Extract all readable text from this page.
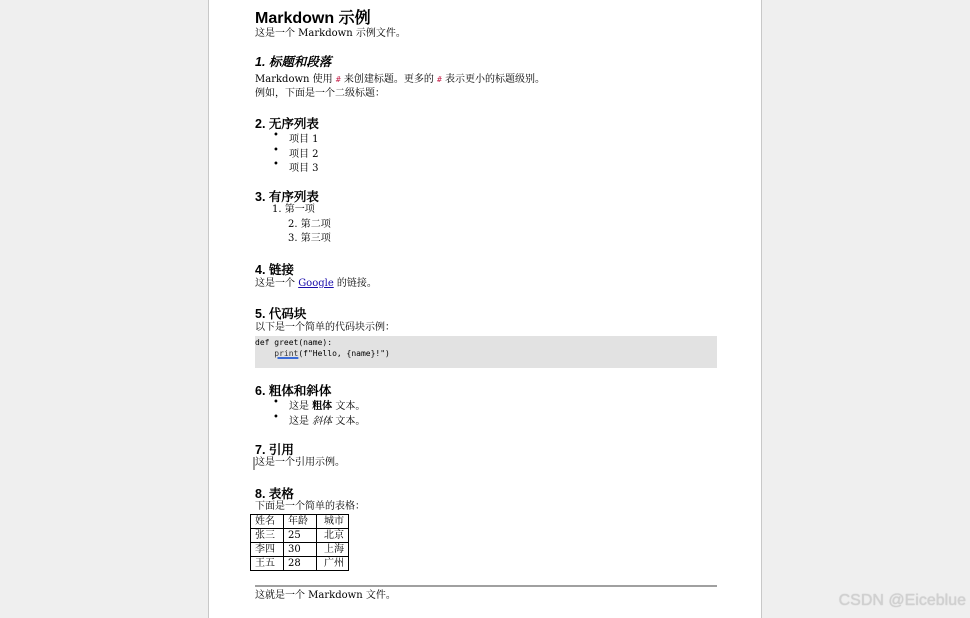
Markdown 示例
这是一个 Markdown 示例文件。
1. 标题和段落
Markdown 使用 # 来创建标题。更多的 # 表示更小的标题级别。
例如，下面是一个二级标题：
2. 无序列表
• 项目 1
• 项目 2
• 项目 3
3. 有序列表
1. 第一项
2. 第二项
3. 第三项
4. 链接
这是一个 Google 的链接。
5. 代码块
以下是一个简单的代码块示例：
def greet(name):
print(f"Hello, {name}!")
6. 粗体和斜体
• 这是 粗体 文本。
• 这是 斜体 文本。
7. 引用
这是一个引用示例。
8. 表格
下面是一个简单的表格：
姓名	年龄	城市
张三	25	北京
李四	30	上海
王五	28	广州
这就是一个 Markdown 文件。	CSDN @Eiceblue
